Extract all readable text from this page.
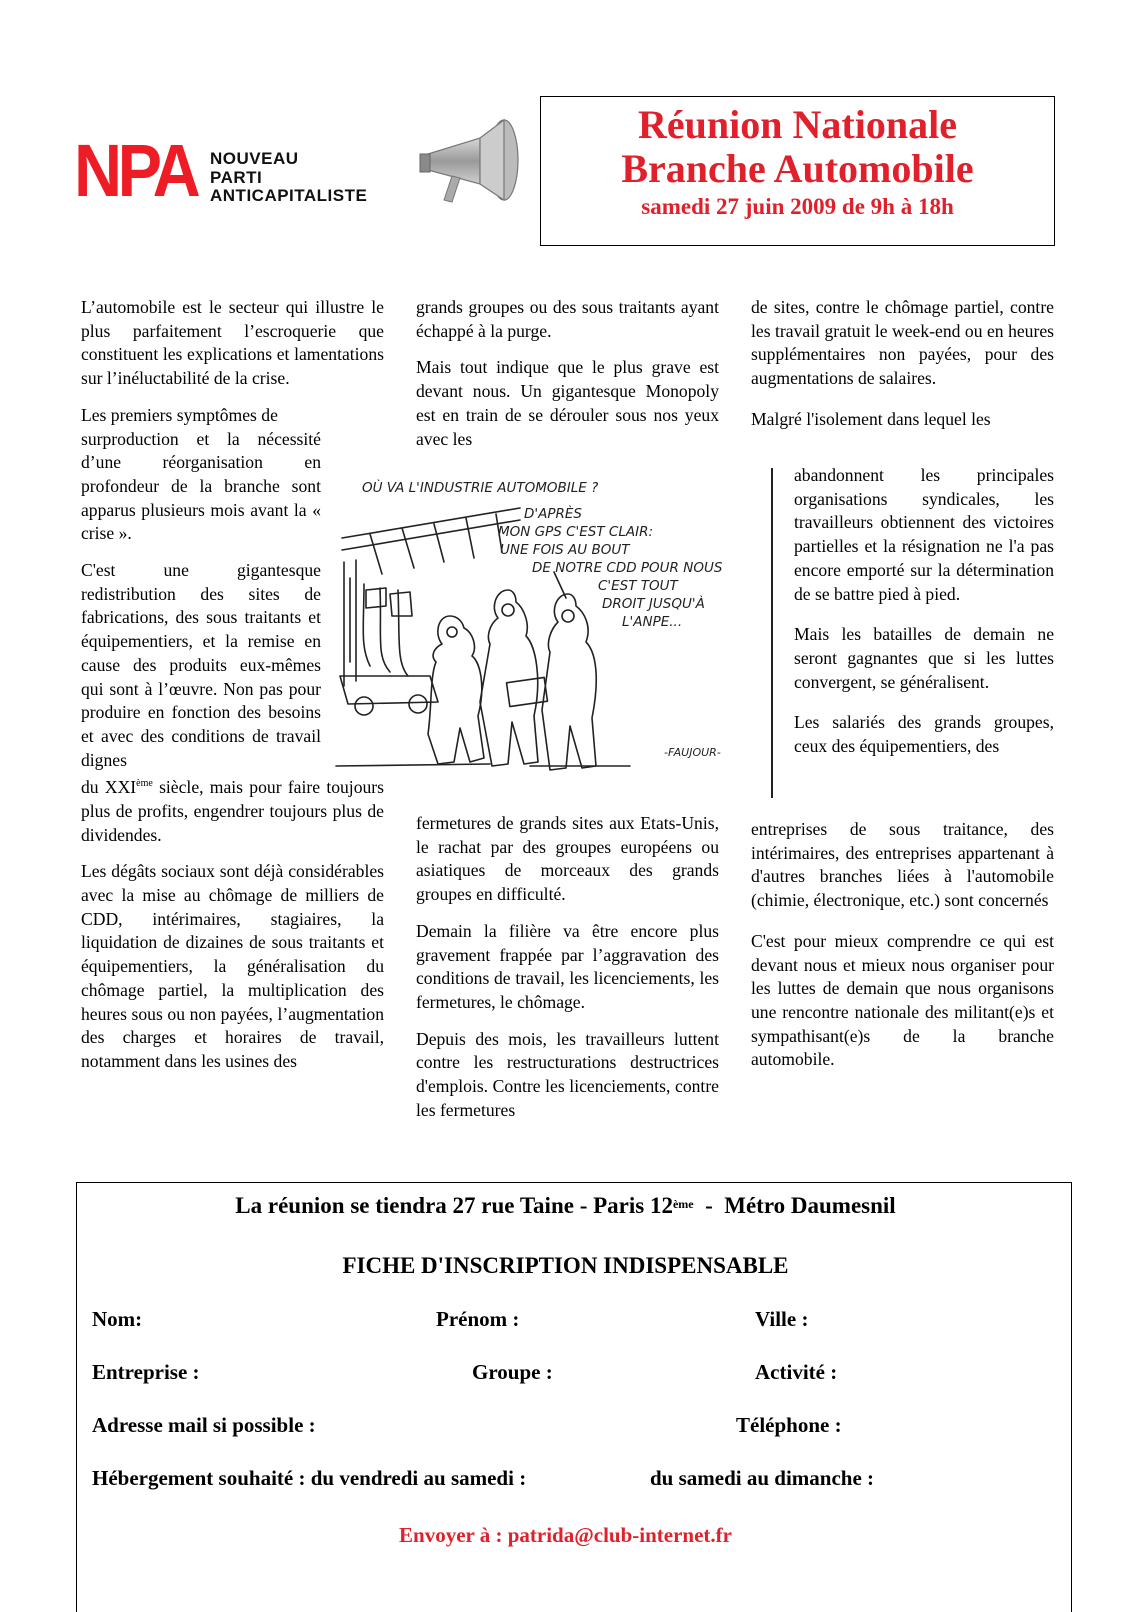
NPA NOUVEAU
PARTI
ANTICAPITALISTE
Réunion Nationale
Branche Automobile
samedi 27 juin 2009 de 9h à 18h

L’automobile est le secteur qui illustre le plus parfaitement l’escroquerie que constituent les explications et lamentations sur l’inéluctabilité de la crise.

Les premiers symptômes de

surproduction et la nécessité d’une réorganisation en profondeur de la branche sont apparus plusieurs mois avant la « crise ».

C'est une gigantesque redistribution des sites de fabrications, des sous traitants et équipementiers, et la remise en cause des produits eux-mêmes qui sont à l’œuvre. Non pas pour produire en fonction des besoins et avec des conditions de travail dignes

du XXIème siècle, mais pour faire toujours plus de profits, engendrer toujours plus de dividendes.

Les dégâts sociaux sont déjà considérables avec la mise au chômage de milliers de CDD, intérimaires, stagiaires, la liquidation de dizaines de sous traitants et équipementiers, la généralisation du chômage partiel, la multiplication des heures sous ou non payées, l’augmentation des charges et horaires de travail, notamment dans les usines des

grands groupes ou des sous traitants ayant échappé à la purge.

Mais tout indique que le plus grave est devant nous. Un gigantesque Monopoly est en train de se dérouler sous nos yeux avec les

OÙ VA L'INDUSTRIE AUTOMOBILE ?
D'APRÈS
MON GPS C'EST CLAIR:
UNE FOIS AU BOUT
DE NOTRE CDD POUR NOUS
C'EST TOUT
DROIT JUSQU'À
L'ANPE...
-FAUJOUR-

fermetures de grands sites aux Etats-Unis, le rachat par des groupes européens ou asiatiques de morceaux des grands groupes en difficulté.

Demain la filière va être encore plus gravement frappée par l’aggravation des conditions de travail, les licenciements, les fermetures, le chômage.

Depuis des mois, les travailleurs luttent contre les restructurations destructrices d'emplois. Contre les licenciements, contre les fermetures

de sites, contre le chômage partiel, contre les travail gratuit le week-end ou en heures supplémentaires non payées, pour des augmentations de salaires.

Malgré l'isolement dans lequel les

abandonnent les principales organisations syndicales, les travailleurs obtiennent des victoires partielles et la résignation ne l'a pas encore emporté sur la détermination de se battre pied à pied.

Mais les batailles de demain ne seront gagnantes que si les luttes convergent, se généralisent.

Les salariés des grands groupes, ceux des équipementiers, des

entreprises de sous traitance, des intérimaires, des entreprises appartenant à d'autres branches liées à l'automobile (chimie, électronique, etc.) sont concernés

C'est pour mieux comprendre ce qui est devant nous et mieux nous organiser pour les luttes de demain que nous organisons une rencontre nationale des militant(e)s et sympathisant(e)s de la branche automobile.

La réunion se tiendra 27 rue Taine - Paris 12ème  -  Métro Daumesnil
FICHE D'INSCRIPTION INDISPENSABLE
Nom:	Prénom :	Ville :
Entreprise :	Groupe :	Activité :
Adresse mail si possible :	Téléphone :
Hébergement souhaité : du vendredi au samedi :	du samedi au dimanche :
Envoyer à : patrida@club-internet.fr
